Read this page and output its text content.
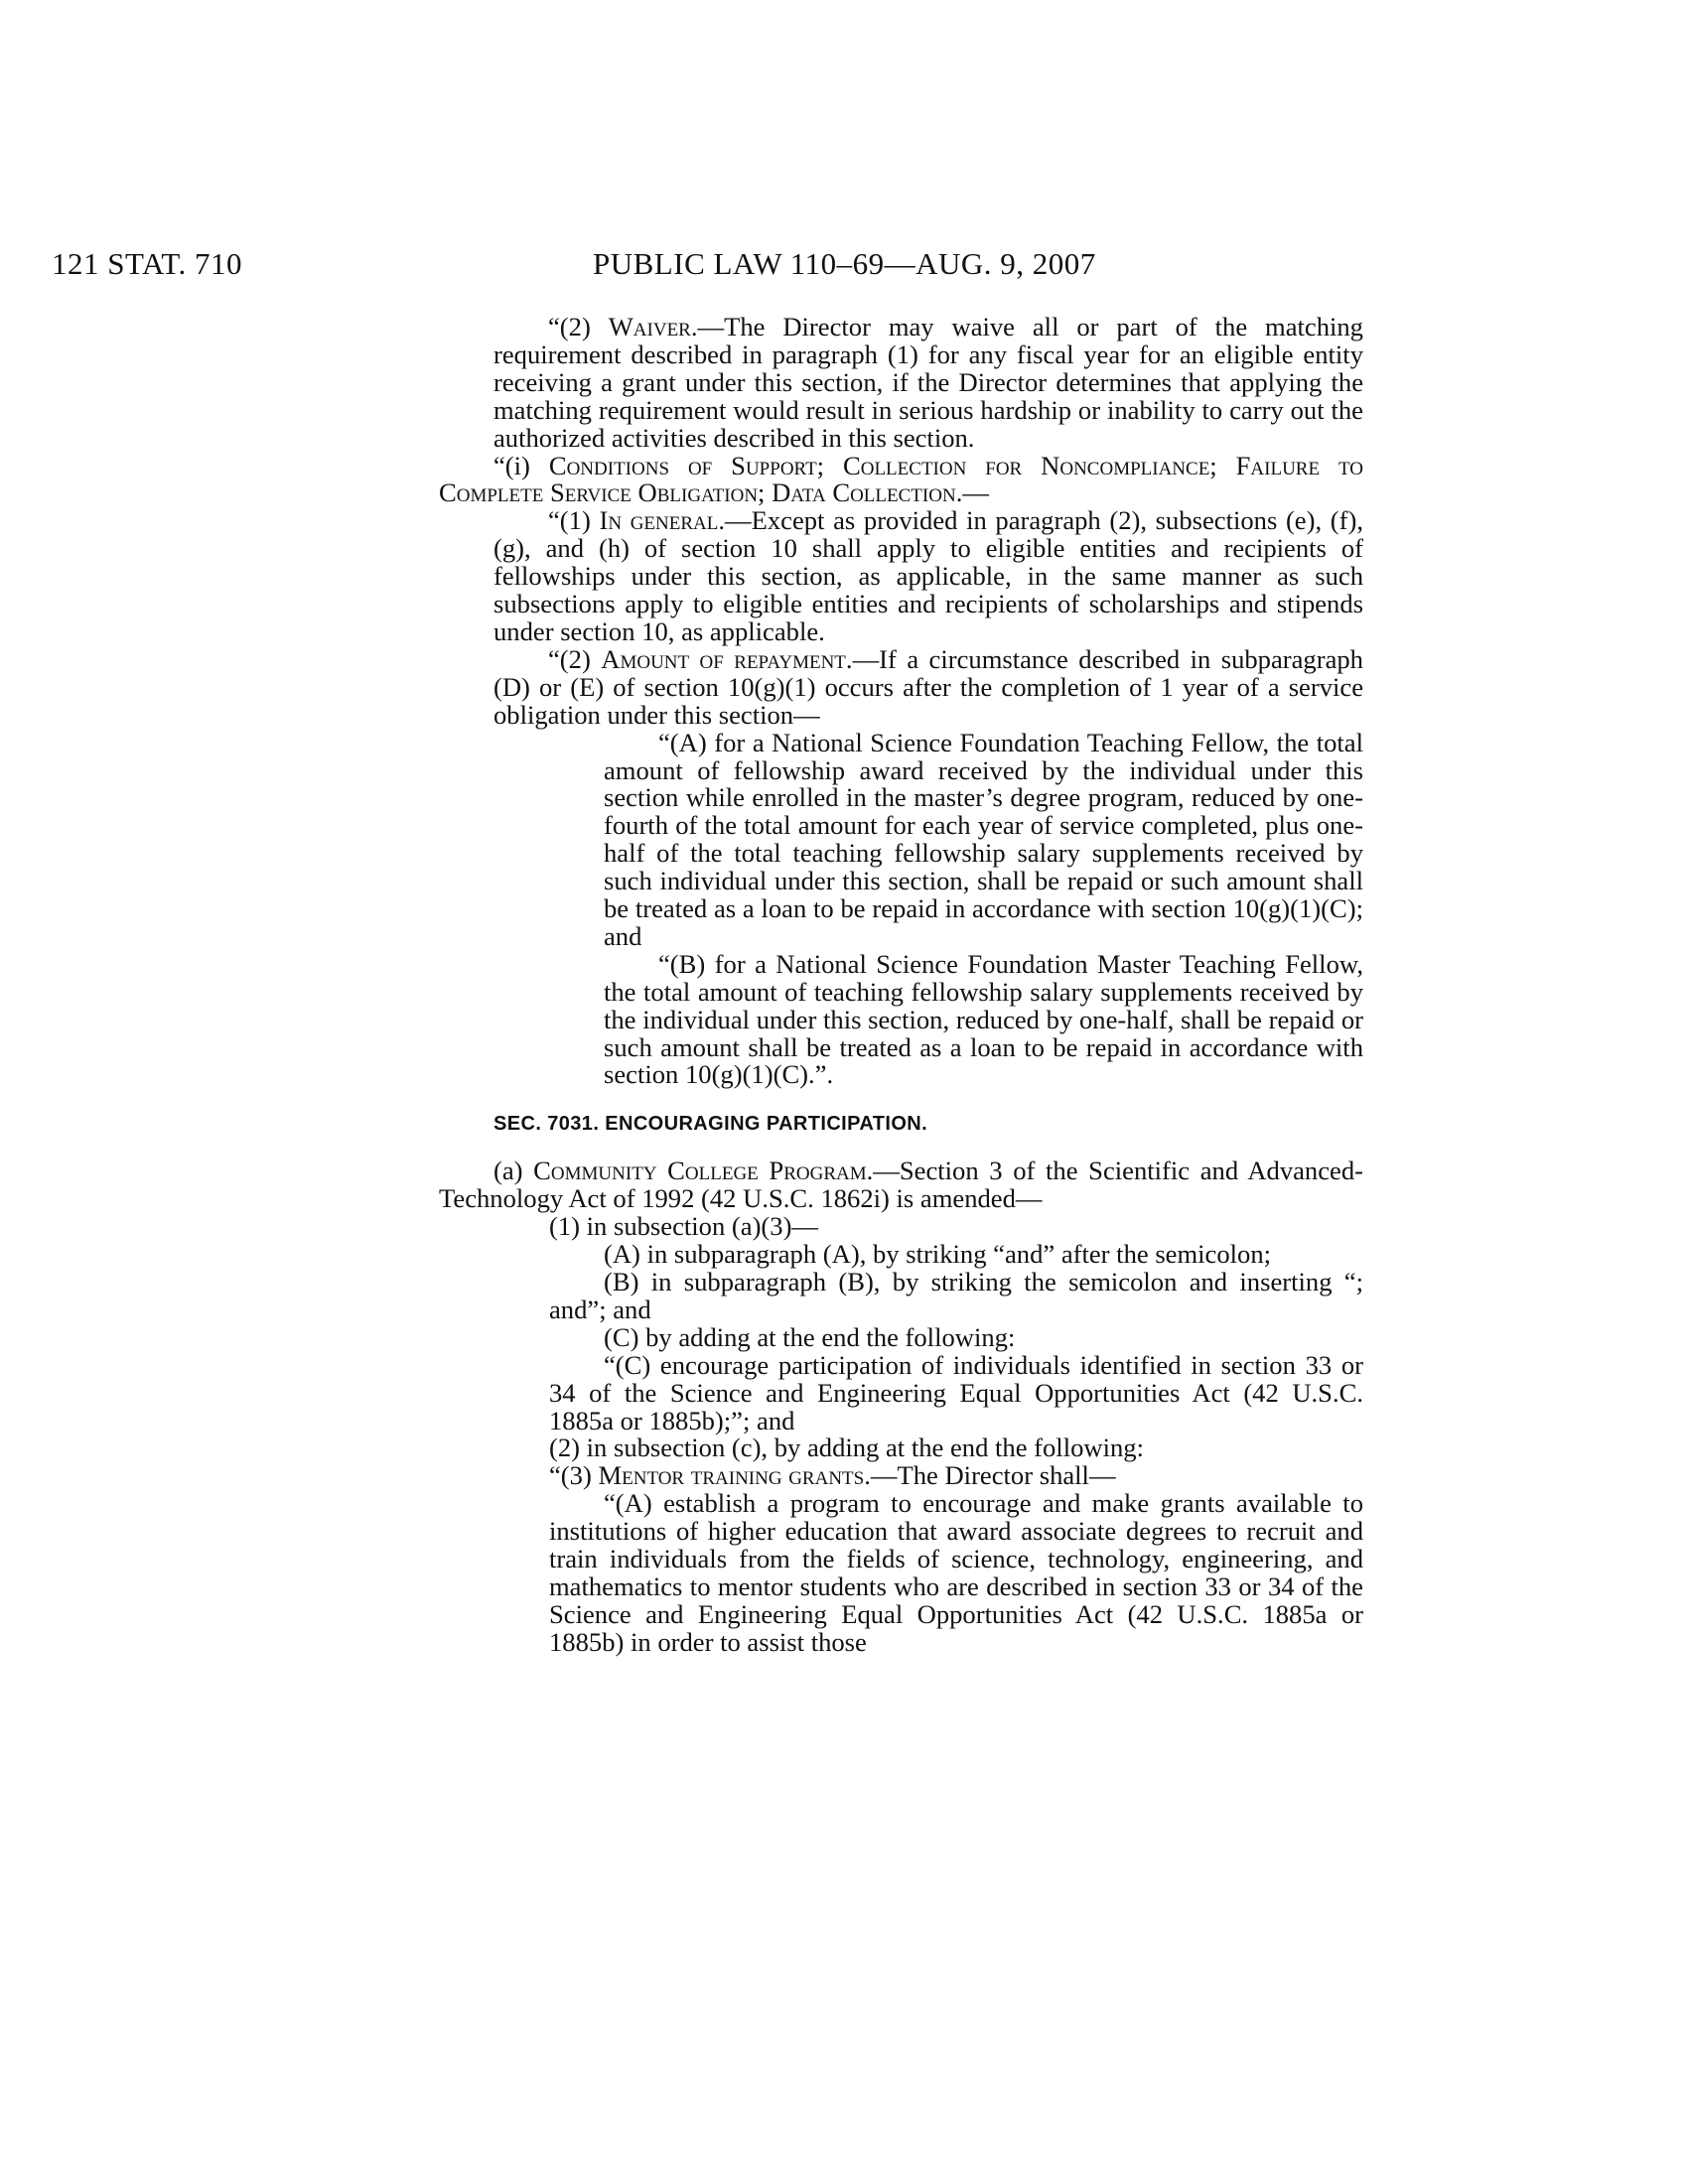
121 STAT. 710	PUBLIC LAW 110–69—AUG. 9, 2007

“(2) Waiver.—The Director may waive all or part of the matching requirement described in paragraph (1) for any fiscal year for an eligible entity receiving a grant under this section, if the Director determines that applying the matching requirement would result in serious hardship or inability to carry out the authorized activities described in this section.

“(i) Conditions of Support; Collection for Noncompliance; Failure to Complete Service Obligation; Data Collection.—

“(1) In general.—Except as provided in paragraph (2), subsections (e), (f), (g), and (h) of section 10 shall apply to eligible entities and recipients of fellowships under this section, as applicable, in the same manner as such subsections apply to eligible entities and recipients of scholarships and stipends under section 10, as applicable.

“(2) Amount of repayment.—If a circumstance described in subparagraph (D) or (E) of section 10(g)(1) occurs after the completion of 1 year of a service obligation under this section—

“(A) for a National Science Foundation Teaching Fellow, the total amount of fellowship award received by the individual under this section while enrolled in the master’s degree program, reduced by one-fourth of the total amount for each year of service completed, plus one-half of the total teaching fellowship salary supplements received by such individual under this section, shall be repaid or such amount shall be treated as a loan to be repaid in accordance with section 10(g)(1)(C); and

“(B) for a National Science Foundation Master Teaching Fellow, the total amount of teaching fellowship salary supplements received by the individual under this section, reduced by one-half, shall be repaid or such amount shall be treated as a loan to be repaid in accordance with section 10(g)(1)(C).”.

SEC. 7031. ENCOURAGING PARTICIPATION.

(a) Community College Program.—Section 3 of the Scientific and Advanced-Technology Act of 1992 (42 U.S.C. 1862i) is amended—

(1) in subsection (a)(3)—

(A) in subparagraph (A), by striking “and” after the semicolon;

(B) in subparagraph (B), by striking the semicolon and inserting “; and”; and

(C) by adding at the end the following:

“(C) encourage participation of individuals identified in section 33 or 34 of the Science and Engineering Equal Opportunities Act (42 U.S.C. 1885a or 1885b);”; and

(2) in subsection (c), by adding at the end the following:

“(3) Mentor training grants.—The Director shall—

“(A) establish a program to encourage and make grants available to institutions of higher education that award associate degrees to recruit and train individuals from the fields of science, technology, engineering, and mathematics to mentor students who are described in section 33 or 34 of the Science and Engineering Equal Opportunities Act (42 U.S.C. 1885a or 1885b) in order to assist those
